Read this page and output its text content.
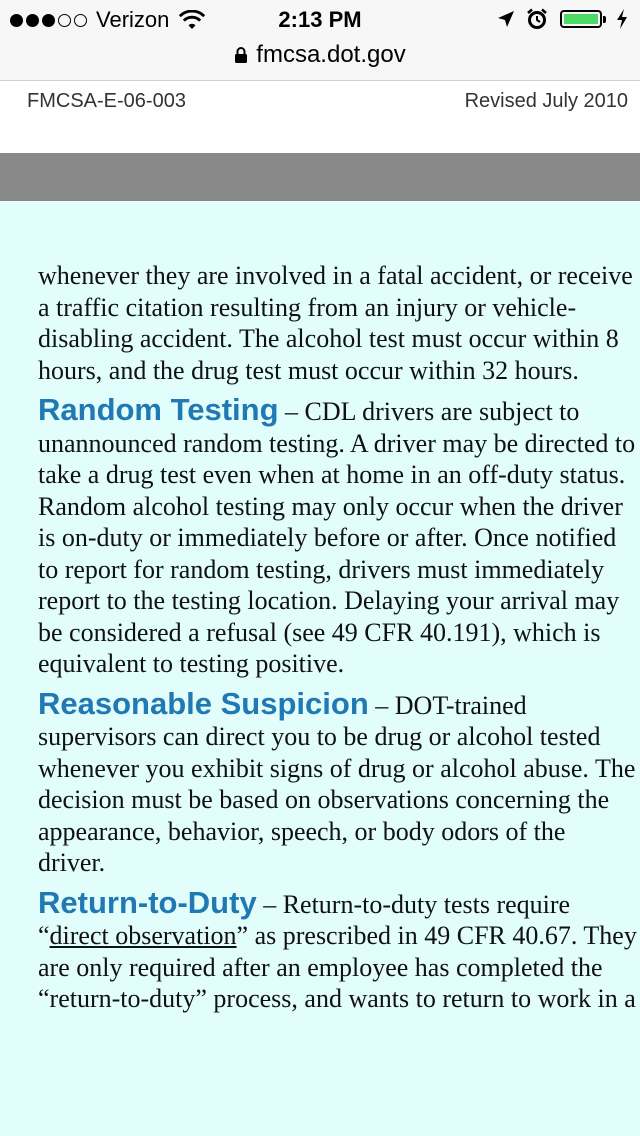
Verizon	2:13 PM
fmcsa.dot.gov
FMCSA-E-06-003	Revised July 2010

whenever they are involved in a fatal accident, or receive a traffic citation resulting from an injury or vehicle-disabling accident. The alcohol test must occur within 8 hours, and the drug test must occur within 32 hours.

Random Testing – CDL drivers are subject to unannounced random testing. A driver may be directed to take a drug test even when at home in an off-duty status. Random alcohol testing may only occur when the driver is on-duty or immediately before or after. Once notified to report for random testing, drivers must immediately report to the testing location. Delaying your arrival may be considered a refusal (see 49 CFR 40.191), which is equivalent to testing positive.

Reasonable Suspicion – DOT-trained supervisors can direct you to be drug or alcohol tested whenever you exhibit signs of drug or alcohol abuse. The decision must be based on observations concerning the appearance, behavior, speech, or body odors of the driver.

Return-to-Duty – Return-to-duty tests require “direct observation” as prescribed in 49 CFR 40.67. They are only required after an employee has completed the “return-to-duty” process, and wants to return to work in a
